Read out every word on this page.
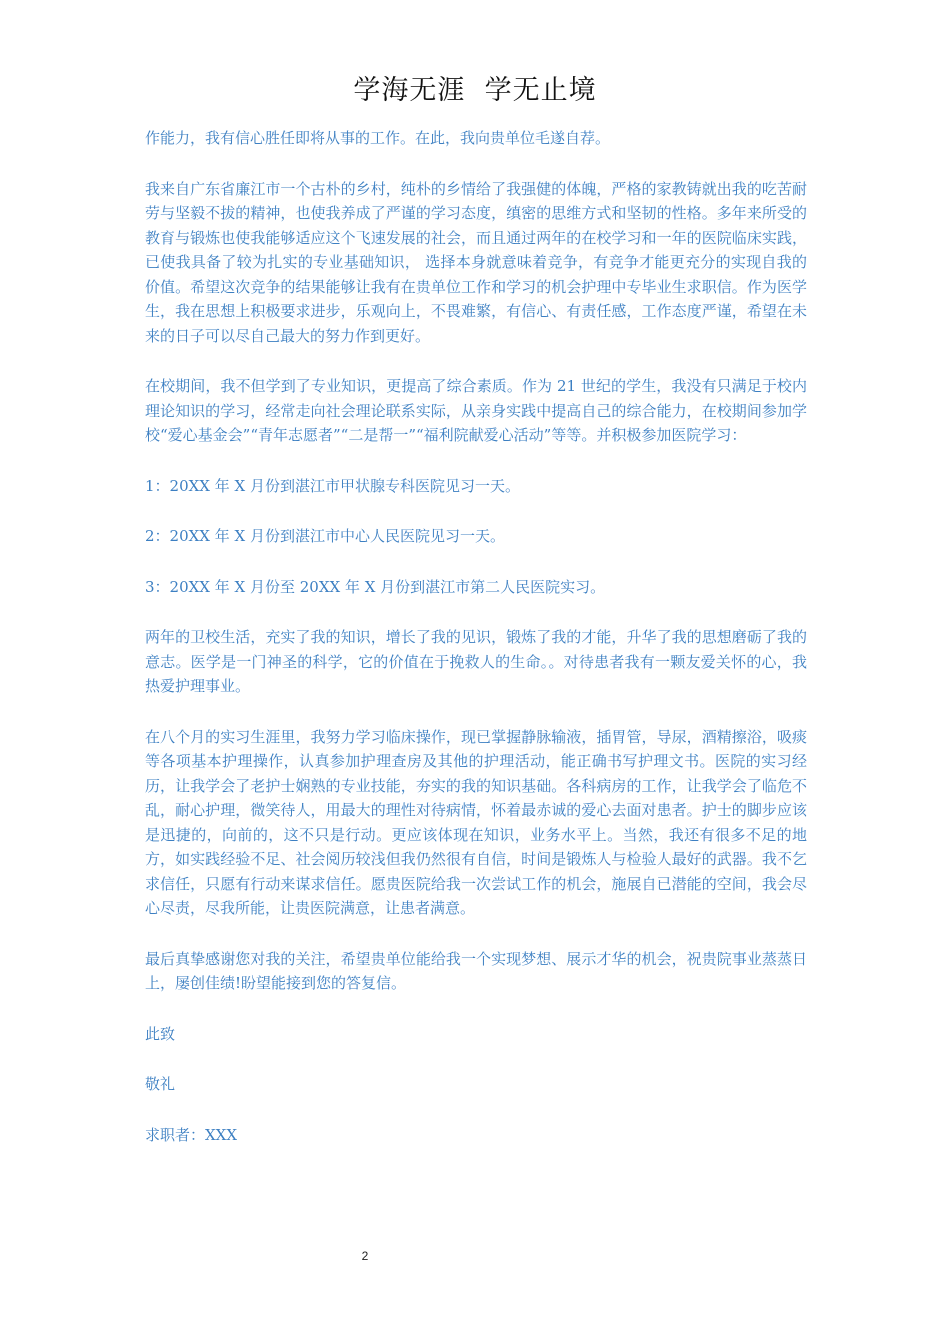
学海无涯  学无止境

作能力，我有信心胜任即将从事的工作。在此，我向贵单位毛遂自荐。

我来自广东省廉江市一个古朴的乡村，纯朴的乡情给了我强健的体魄，严格的家教铸就出我的吃苦耐劳与坚毅不拔的精神，也使我养成了严谨的学习态度，缜密的思维方式和坚韧的性格。多年来所受的教育与锻炼也使我能够适应这个飞速发展的社会，而且通过两年的在校学习和一年的医院临床实践，已使我具备了较为扎实的专业基础知识， 选择本身就意味着竞争，有竞争才能更充分的实现自我的价值。希望这次竞争的结果能够让我有在贵单位工作和学习的机会护理中专毕业生求职信。作为医学生，我在思想上积极要求进步，乐观向上，不畏难繁，有信心、有责任感，工作态度严谨，希望在未来的日子可以尽自己最大的努力作到更好。

在校期间，我不但学到了专业知识，更提高了综合素质。作为 21 世纪的学生，我没有只满足于校内理论知识的学习，经常走向社会理论联系实际，从亲身实践中提高自己的综合能力，在校期间参加学校“爱心基金会”“青年志愿者”“二是帮一”“福利院献爱心活动”等等。并积极参加医院学习：

1：20XX 年 X 月份到湛江市甲状腺专科医院见习一天。

2：20XX 年 X 月份到湛江市中心人民医院见习一天。

3：20XX 年 X 月份至 20XX 年 X 月份到湛江市第二人民医院实习。

两年的卫校生活，充实了我的知识，增长了我的见识，锻炼了我的才能，升华了我的思想磨砺了我的意志。医学是一门神圣的科学，它的价值在于挽救人的生命。。对待患者我有一颗友爱关怀的心，我热爱护理事业。

在八个月的实习生涯里，我努力学习临床操作，现已掌握静脉输液，插胃管，导尿，酒精擦浴，吸痰等各项基本护理操作，认真参加护理查房及其他的护理活动，能正确书写护理文书。医院的实习经历，让我学会了老护士娴熟的专业技能，夯实的我的知识基础。各科病房的工作，让我学会了临危不乱，耐心护理，微笑待人，用最大的理性对待病情，怀着最赤诚的爱心去面对患者。护士的脚步应该是迅捷的，向前的，这不只是行动。更应该体现在知识，业务水平上。当然，我还有很多不足的地方，如实践经验不足、社会阅历较浅但我仍然很有自信，时间是锻炼人与检验人最好的武器。我不乞求信任，只愿有行动来谋求信任。愿贵医院给我一次尝试工作的机会，施展自已潜能的空间，我会尽心尽责，尽我所能，让贵医院满意，让患者满意。

最后真挚感谢您对我的关注，希望贵单位能给我一个实现梦想、展示才华的机会，祝贵院事业蒸蒸日上，屡创佳绩!盼望能接到您的答复信。

此致

敬礼

求职者：XXX

2
